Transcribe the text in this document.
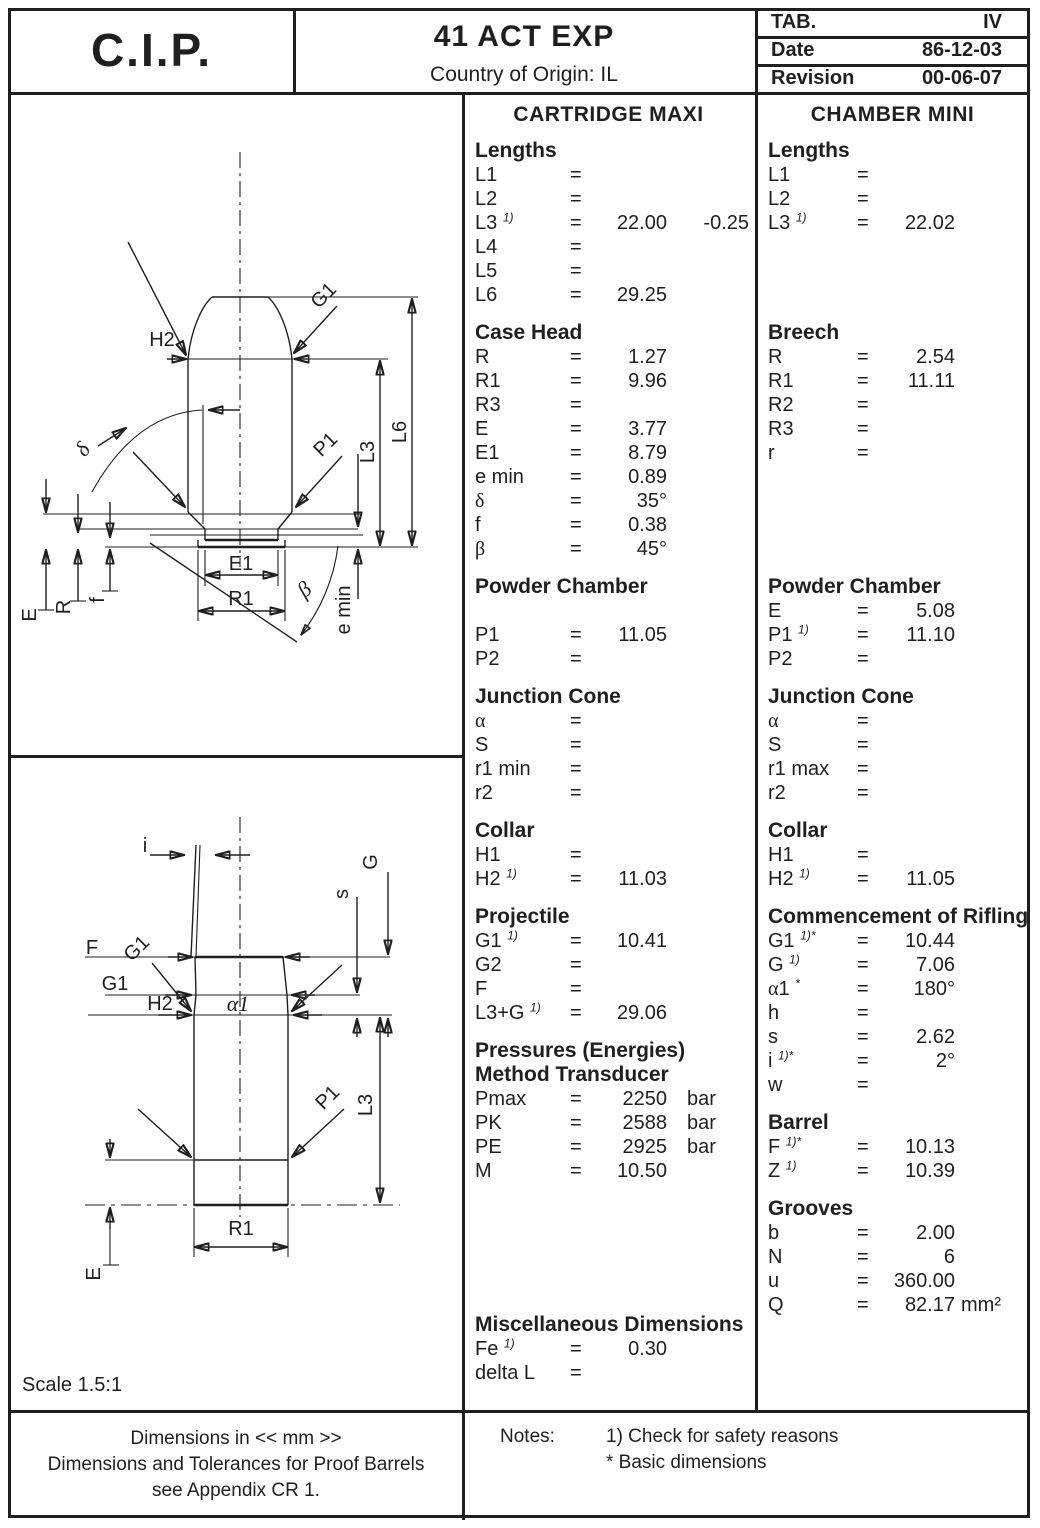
C.I.P.	41 ACT EXP
Country of Origin: IL
TAB.	IV
Date	86-12-03
Revision	00-06-07
CARTRIDGE MAXI
Lengths
L1	=
L2	=
L3 $^{1)}$	=	22.00	-0.25
L4	=
L5	=
L6	=	29.25
Case Head
R	=	1.27
R1	=	9.96
R3	=
E	=	3.77
E1	=	8.79
e min	=	0.89
δ	=	35°
f	=	0.38
β	=	45°
Powder Chamber
P1	=	11.05
P2	=
Junction Cone
α	=
S	=
r1 min	=
r2	=
Collar
H1	=
H2 $^{1)}$	=	11.03
Projectile
G1 $^{1)}$	=	10.41
G2	=
F	=
L3+G $^{1)}$	=	29.06
Pressures (Energies)
Method Transducer
Pmax	=	2250	bar
PK	=	2588	bar
PE	=	2925	bar
M	=	10.50
Miscellaneous Dimensions
Fe $^{1)}$	=	0.30
delta L	=
CHAMBER MINI
Lengths
L1	=
L2	=
L3 $^{1)}$	=	22.02
Breech
R	=	2.54
R1	=	11.11
R2	=
R3	=
r	=
Powder Chamber
E	=	5.08
P1 $^{1)}$	=	11.10
P2	=
Junction Cone
α	=
S	=
r1 max	=
r2	=
Collar
H1	=
H2 $^{1)}$	=	11.05
Commencement of Rifling
G1 $^{1)*}$	=	10.44
G $^{1)}$	=	7.06
α1 *	=	180°
h	=
s	=	2.62
i $^{1)*}$	=	2°
w	=
Barrel
F $^{1)*}$	=	10.13
Z $^{1)}$	=	10.39
Grooves
b	=	2.00
N	=	6
u	=	360.00
Q	=	82.17 mm²
G1
H2
δ	P1 L3
L6
E1
R1 β e min
E
R f
i
G
s
F G1
G1
H2 α1
P1 L3
R1
E
Scale 1.5:1
Dimensions in << mm >>
Dimensions and Tolerances for Proof Barrels
see Appendix CR 1.
Notes:	1) Check for safety reasons
* Basic dimensions
